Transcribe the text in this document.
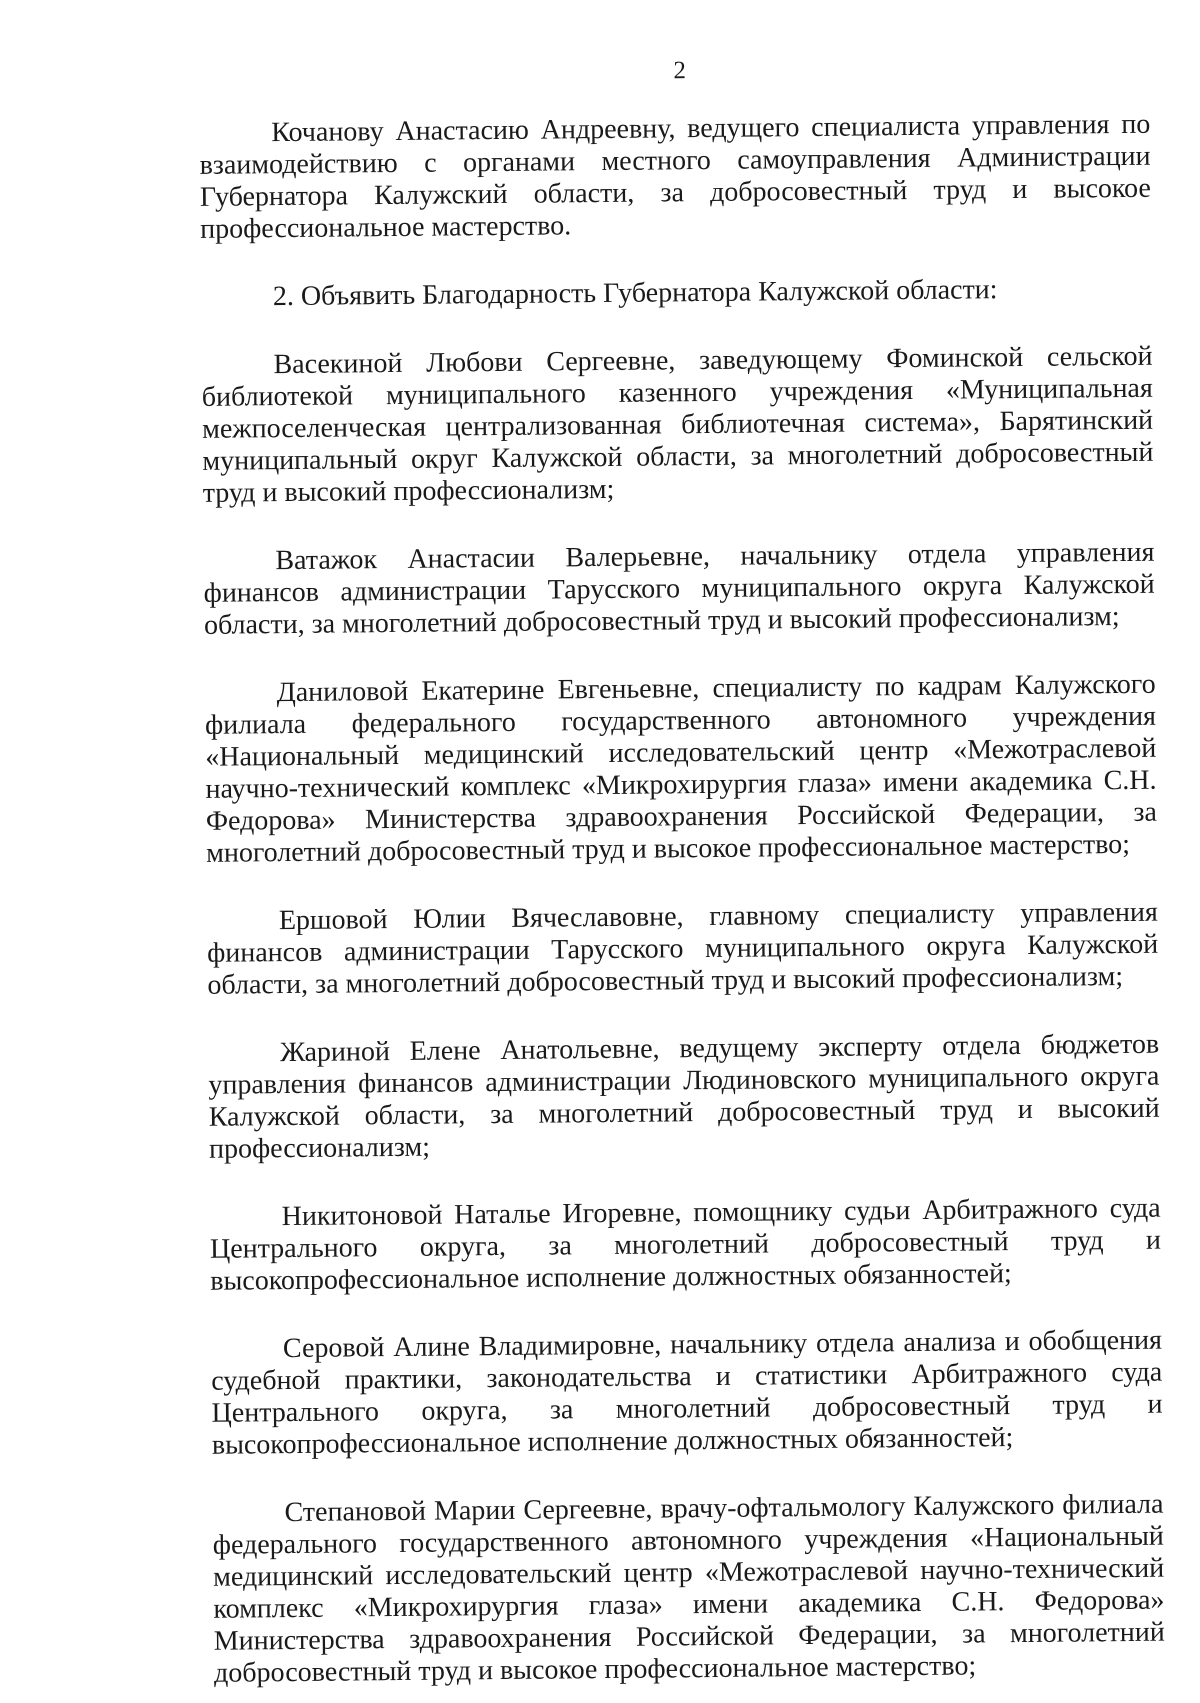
2

Кочанову Анастасию Андреевну, ведущего специалиста управления по взаимодействию с органами местного самоуправления Администрации Губернатора Калужский области, за добросовестный труд и высокое профессиональное мастерство.

2. Объявить Благодарность Губернатора Калужской области:

Васекиной Любови Сергеевне, заведующему Фоминской сельской библиотекой муниципального казенного учреждения «Муниципальная межпоселенческая централизованная библиотечная система», Барятинский муниципальный округ Калужской области, за многолетний добросовестный труд и высокий профессионализм;

Ватажок Анастасии Валерьевне, начальнику отдела управления финансов администрации Тарусского муниципального округа Калужской области, за многолетний добросовестный труд и высокий профессионализм;

Даниловой Екатерине Евгеньевне, специалисту по кадрам Калужского филиала федерального государственного автономного учреждения «Национальный медицинский исследовательский центр «Межотраслевой научно-технический комплекс «Микрохирургия глаза» имени академика С.Н. Федорова» Министерства здравоохранения Российской Федерации, за многолетний добросовестный труд и высокое профессиональное мастерство;

Ершовой Юлии Вячеславовне, главному специалисту управления финансов администрации Тарусского муниципального округа Калужской области, за многолетний добросовестный труд и высокий профессионализм;

Жариной Елене Анатольевне, ведущему эксперту отдела бюджетов управления финансов администрации Людиновского муниципального округа Калужской области, за многолетний добросовестный труд и высокий профессионализм;

Никитоновой Наталье Игоревне, помощнику судьи Арбитражного суда Центрального округа, за многолетний добросовестный труд и высокопрофессиональное исполнение должностных обязанностей;

Серовой Алине Владимировне, начальнику отдела анализа и обобщения судебной практики, законодательства и статистики Арбитражного суда Центрального округа, за многолетний добросовестный труд и высокопрофессиональное исполнение должностных обязанностей;

Степановой Марии Сергеевне, врачу-офтальмологу Калужского филиала федерального государственного автономного учреждения «Национальный медицинский исследовательский центр «Межотраслевой научно-технический комплекс «Микрохирургия глаза» имени академика С.Н. Федорова» Министерства здравоохранения Российской Федерации, за многолетний добросовестный труд и высокое профессиональное мастерство;
